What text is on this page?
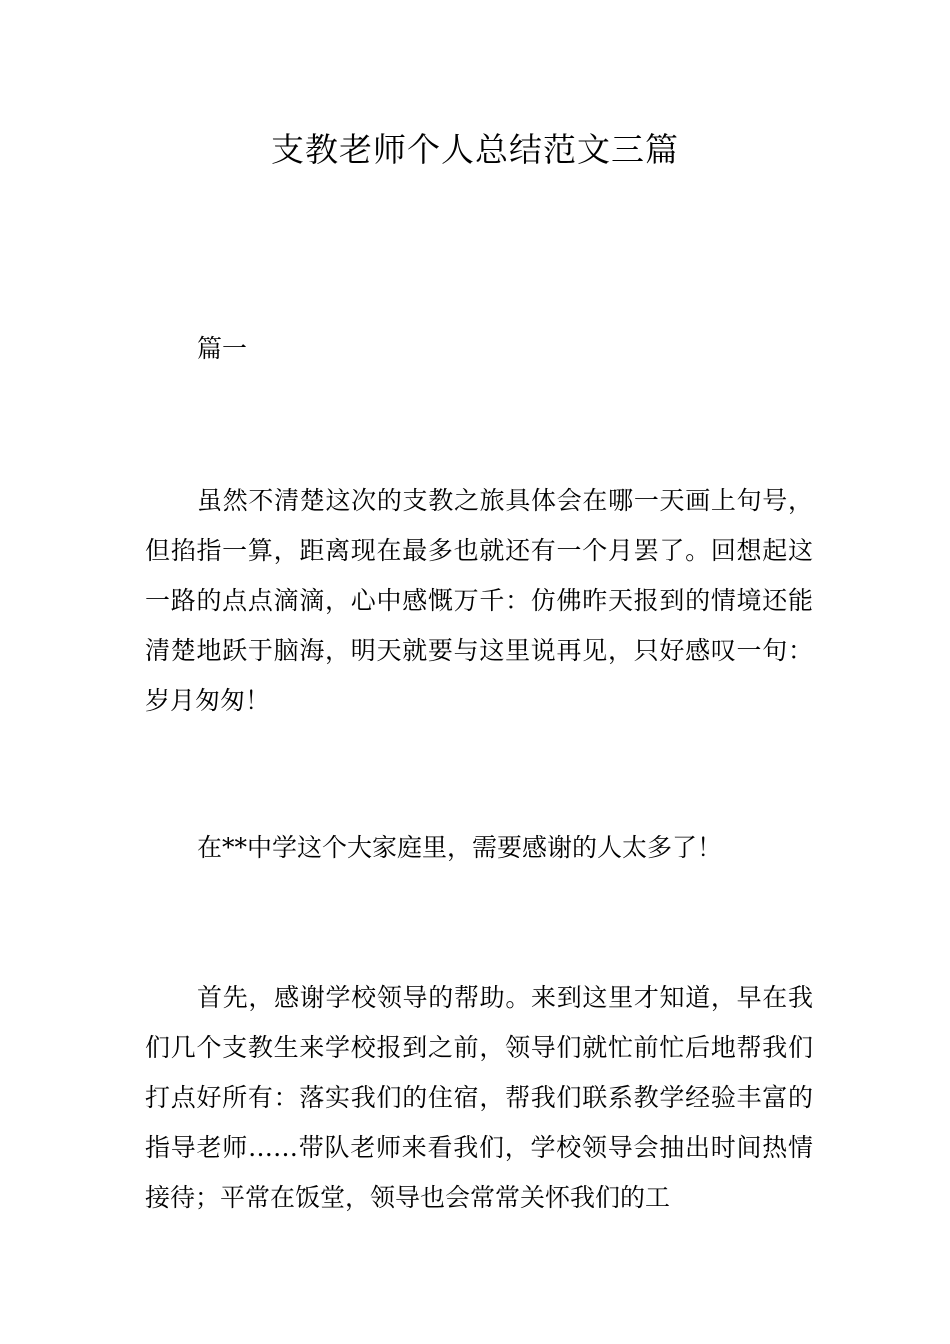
支教老师个人总结范文三篇
篇一

虽然不清楚这次的支教之旅具体会在哪一天画上句号，但掐指一算，距离现在最多也就还有一个月罢了。回想起这一路的点点滴滴，心中感慨万千：仿佛昨天报到的情境还能清楚地跃于脑海，明天就要与这里说再见，只好感叹一句：岁月匆匆！

在**中学这个大家庭里，需要感谢的人太多了！

首先，感谢学校领导的帮助。来到这里才知道，早在我们几个支教生来学校报到之前，领导们就忙前忙后地帮我们打点好所有：落实我们的住宿，帮我们联系教学经验丰富的指导老师……带队老师来看我们，学校领导会抽出时间热情接待；平常在饭堂，领导也会常常关怀我们的工
